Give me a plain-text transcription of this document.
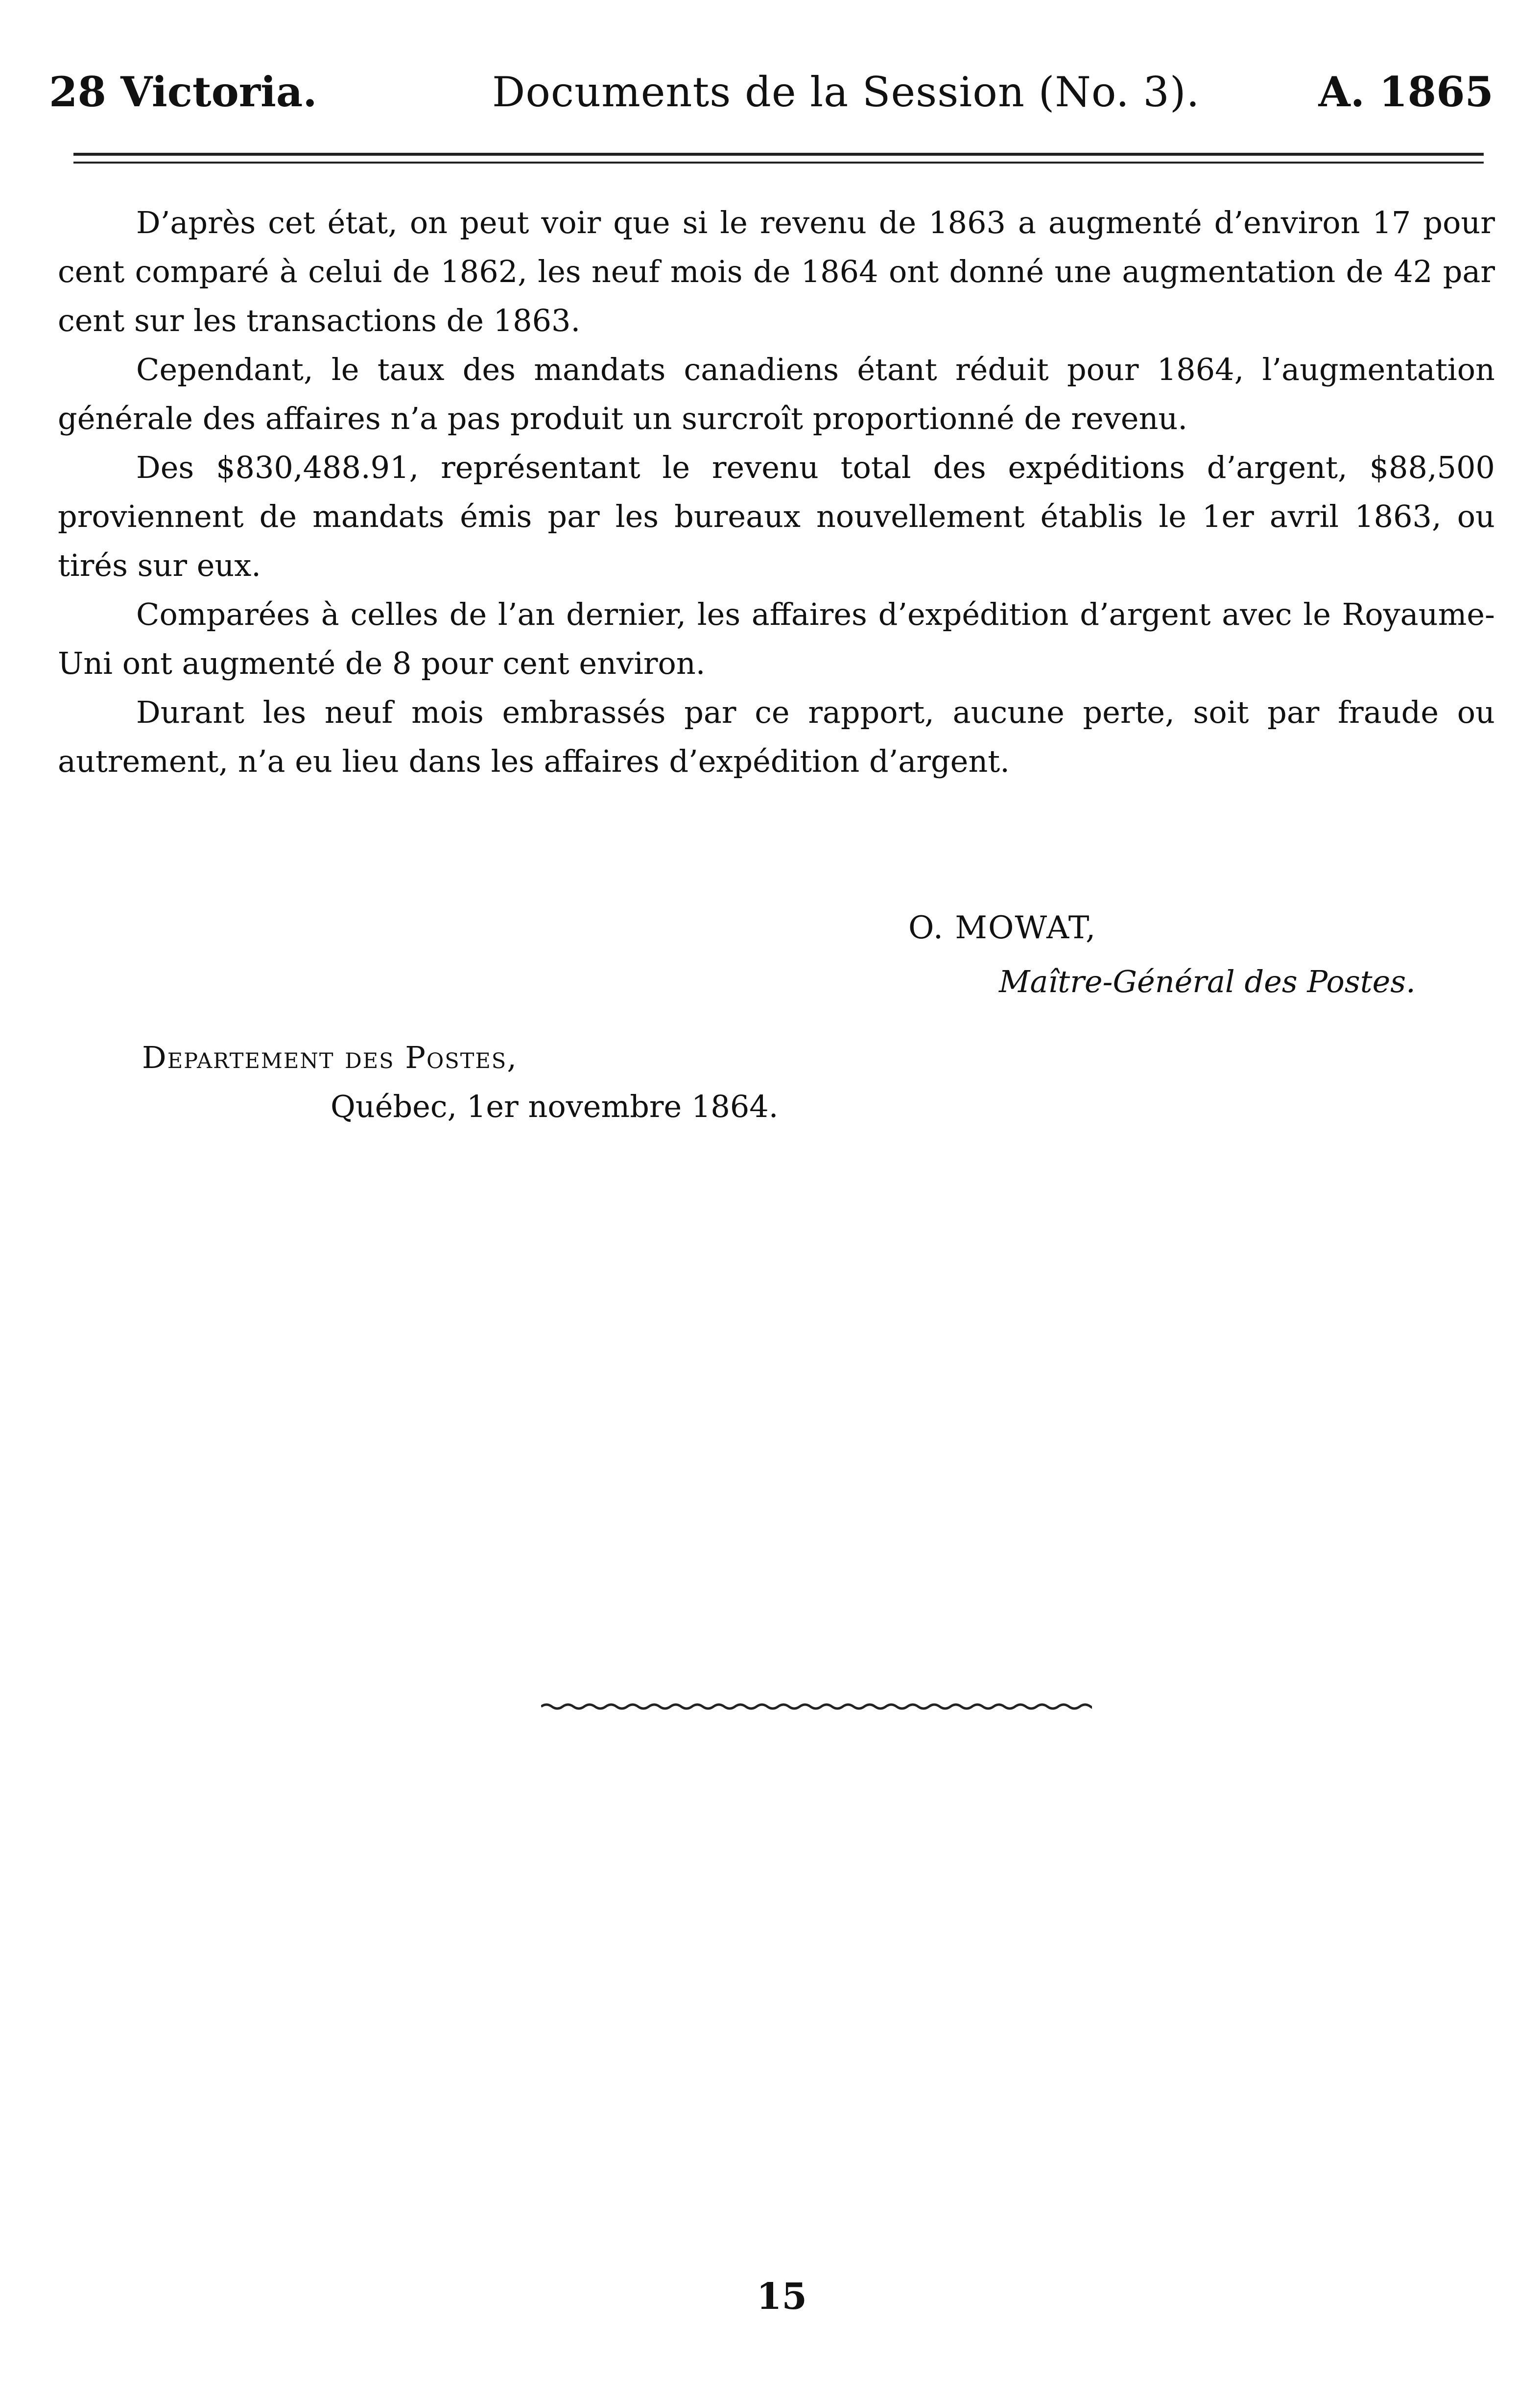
28 Victoria.	Documents de la Session (No. 3).	A. 1865

D’après cet état, on peut voir que si le revenu de 1863 a augmenté d’environ 17 pour cent comparé à celui de 1862, les neuf mois de 1864 ont donné une augmentation de 42 par cent sur les transactions de 1863.

Cependant, le taux des mandats canadiens étant réduit pour 1864, l’augmentation générale des affaires n’a pas produit un surcroît proportionné de revenu.

Des $830,488.91, représentant le revenu total des expéditions d’argent, $88,500 proviennent de mandats émis par les bureaux nouvellement établis le 1er avril 1863, ou tirés sur eux.

Comparées à celles de l’an dernier, les affaires d’expédition d’argent avec le Royaume-Uni ont augmenté de 8 pour cent environ.

Durant les neuf mois embrassés par ce rapport, aucune perte, soit par fraude ou autrement, n’a eu lieu dans les affaires d’expédition d’argent.

O. MOWAT,
Maître-Général des Postes.
Departement des Postes,
Québec, 1er novembre 1864.
15
